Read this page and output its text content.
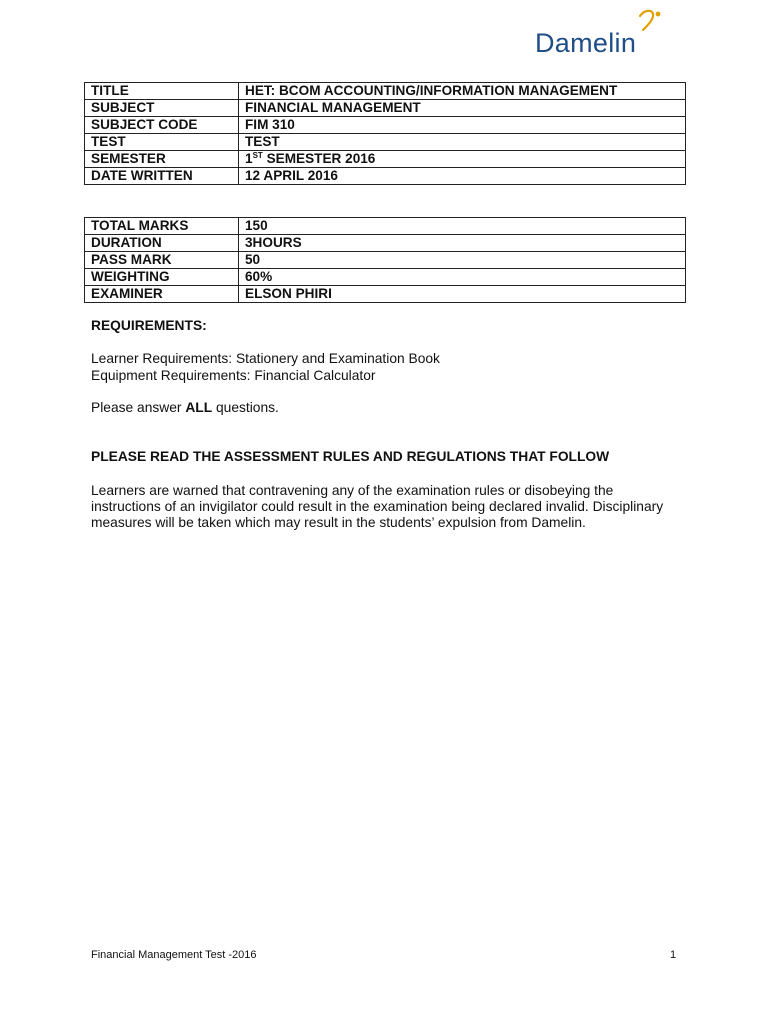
Damelin
TITLE	HET: BCOM ACCOUNTING/INFORMATION MANAGEMENT
SUBJECT	FINANCIAL MANAGEMENT
SUBJECT CODE	FIM 310
TEST	TEST
SEMESTER	1ST SEMESTER 2016
DATE WRITTEN	12 APRIL 2016
TOTAL MARKS	150
DURATION	3HOURS
PASS MARK	50
WEIGHTING	60%
EXAMINER	ELSON PHIRI
REQUIREMENTS:
Learner Requirements: Stationery and Examination Book
Equipment Requirements: Financial Calculator
Please answer ALL questions.
PLEASE READ THE ASSESSMENT RULES AND REGULATIONS THAT FOLLOW
Learners are warned that contravening any of the examination rules or disobeying the
instructions of an invigilator could result in the examination being declared invalid. Disciplinary
measures will be taken which may result in the students’ expulsion from Damelin.
Financial Management Test -2016	1
